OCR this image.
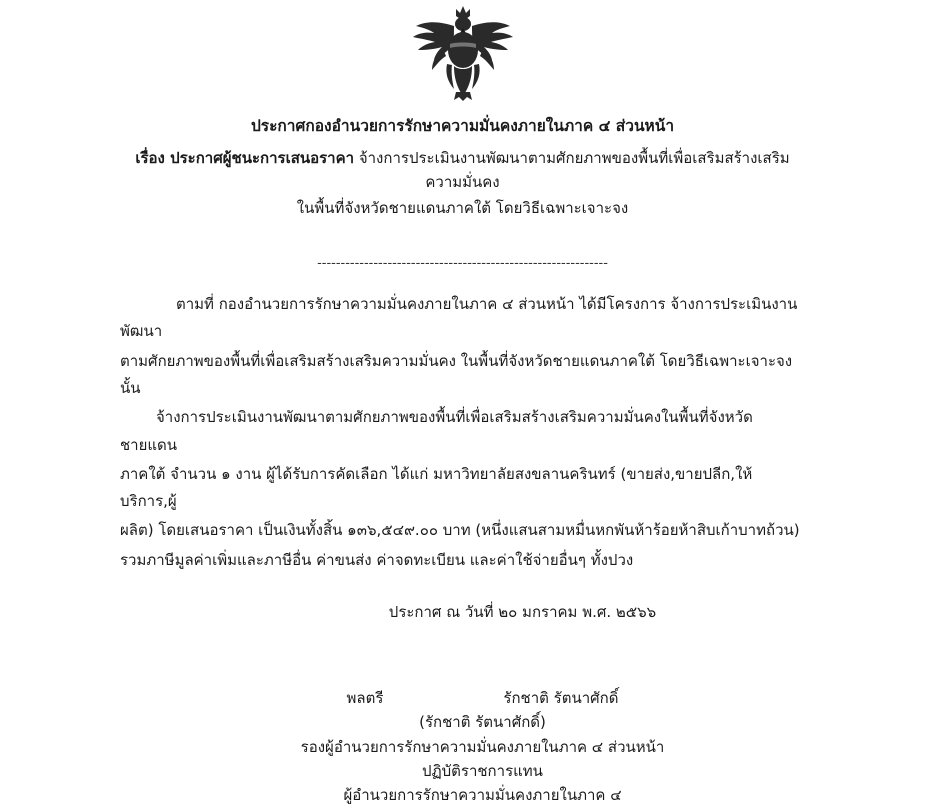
ประกาศกองอำนวยการรักษาความมั่นคงภายในภาค ๔ ส่วนหน้า
เรื่อง ประกาศผู้ชนะการเสนอราคา จ้างการประเมินงานพัฒนาตามศักยภาพของพื้นที่เพื่อเสริมสร้างเสริมความมั่นคง
ในพื้นที่จังหวัดชายแดนภาคใต้ โดยวิธีเฉพาะเจาะจง
--------------------------------------------------------------

ตามที่ กองอำนวยการรักษาความมั่นคงภายในภาค ๔ ส่วนหน้า ได้มีโครงการ จ้างการประเมินงานพัฒนา

ตามศักยภาพของพื้นที่เพื่อเสริมสร้างเสริมความมั่นคง ในพื้นที่จังหวัดชายแดนภาคใต้ โดยวิธีเฉพาะเจาะจง นั้น

จ้างการประเมินงานพัฒนาตามศักยภาพของพื้นที่เพื่อเสริมสร้างเสริมความมั่นคงในพื้นที่จังหวัดชายแดน

ภาคใต้ จำนวน ๑ งาน ผู้ได้รับการคัดเลือก ได้แก่ มหาวิทยาลัยสงขลานครินทร์ (ขายส่ง,ขายปลีก,ให้บริการ,ผู้

ผลิต) โดยเสนอราคา เป็นเงินทั้งสิ้น ๑๓๖,๕๔๙.๐๐ บาท (หนึ่งแสนสามหมื่นหกพันห้าร้อยห้าสิบเก้าบาทถ้วน)

รวมภาษีมูลค่าเพิ่มและภาษีอื่น ค่าขนส่ง ค่าจดทะเบียน และค่าใช้จ่ายอื่นๆ ทั้งปวง

ประกาศ ณ วันที่ ๒๐ มกราคม พ.ศ. ๒๕๖๖
พลตรี	รักชาติ รัตนาศักดิ์
(รักชาติ รัตนาศักดิ์)
รองผู้อำนวยการรักษาความมั่นคงภายในภาค ๔ ส่วนหน้า
ปฏิบัติราชการแทน
ผู้อำนวยการรักษาความมั่นคงภายในภาค ๔
